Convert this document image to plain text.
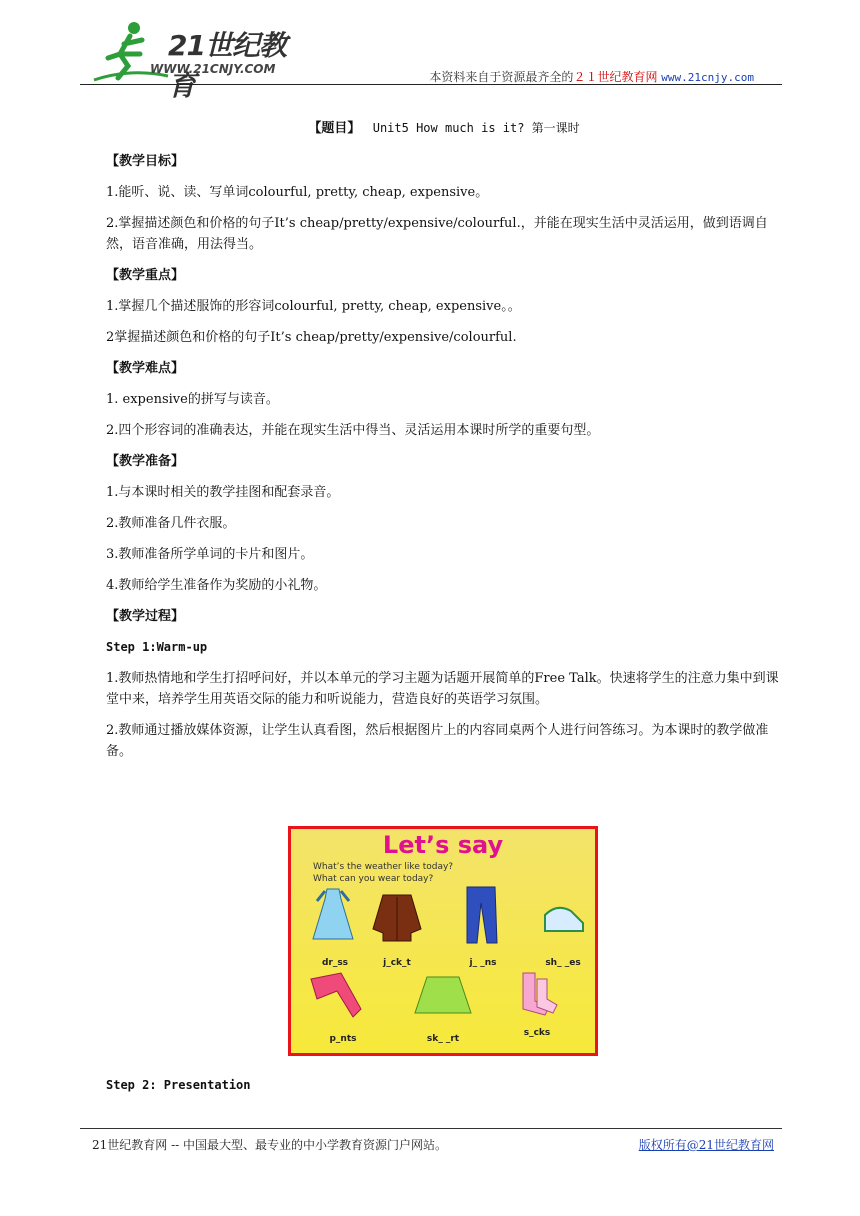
21世纪教育
WWW.21CNJY.COM
本资料来自于资源最齐全的２１世纪教育网 www.21cnjy.com

【题目】 Unit5 How much is it? 第一课时

【教学目标】

1.能听、说、读、写单词colourful, pretty, cheap, expensive。

2.掌握描述颜色和价格的句子It’s cheap/pretty/expensive/colourful.，并能在现实生活中灵活运用，做到语调自然，语音准确，用法得当。

【教学重点】

1.掌握几个描述服饰的形容词colourful, pretty, cheap, expensive。。

2掌握描述颜色和价格的句子It’s cheap/pretty/expensive/colourful.

【教学难点】

1. expensive的拼写与读音。

2.四个形容词的准确表达，并能在现实生活中得当、灵活运用本课时所学的重要句型。

【教学准备】

1.与本课时相关的教学挂图和配套录音。

2.教师准备几件衣服。

3.教师准备所学单词的卡片和图片。

4.教师给学生准备作为奖励的小礼物。

【教学过程】

Step 1:Warm-up

1.教师热情地和学生打招呼问好，并以本单元的学习主题为话题开展简单的Free Talk。快速将学生的注意力集中到课堂中来，培养学生用英语交际的能力和听说能力，营造良好的英语学习氛围。

2.教师通过播放媒体资源，让学生认真看图，然后根据图片上的内容同桌两个人进行问答练习。为本课时的教学做准备。

Let’s say
What’s the weather like today?
What can you wear today?
dr_ss	j_ck_t	j_ _ns	sh_ _es
p_nts	sk_ _rt
s_cks

Step 2: Presentation

21世纪教育网 -- 中国最大型、最专业的中小学教育资源门户网站。	版权所有@21世纪教育网
